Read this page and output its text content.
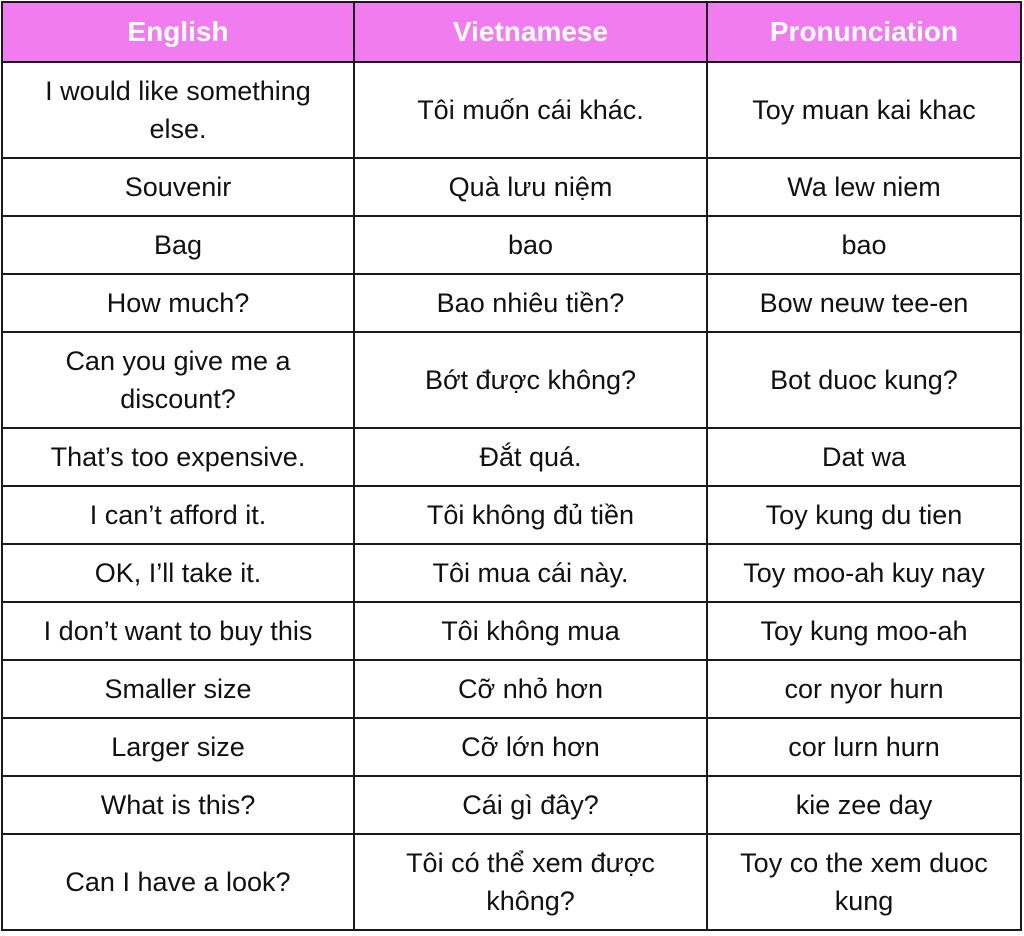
English	Vietnamese	Pronunciation
I would like something else.	Tôi muốn cái khác.	Toy muan kai khac
Souvenir	Quà lưu niệm	Wa lew niem
Bag	bao	bao
How much?	Bao nhiêu tiền?	Bow neuw tee-en
Can you give me a discount?	Bớt được không?	Bot duoc kung?
That’s too expensive.	Đắt quá.	Dat wa
I can’t afford it.	Tôi không đủ tiền	Toy kung du tien
OK, I’ll take it.	Tôi mua cái này.	Toy moo-ah kuy nay
I don’t want to buy this	Tôi không mua	Toy kung moo-ah
Smaller size	Cỡ nhỏ hơn	cor nyor hurn
Larger size	Cỡ lớn hơn	cor lurn hurn
What is this?	Cái gì đây?	kie zee day
Can I have a look?	Tôi có thể xem được không?	Toy co the xem duoc kung
